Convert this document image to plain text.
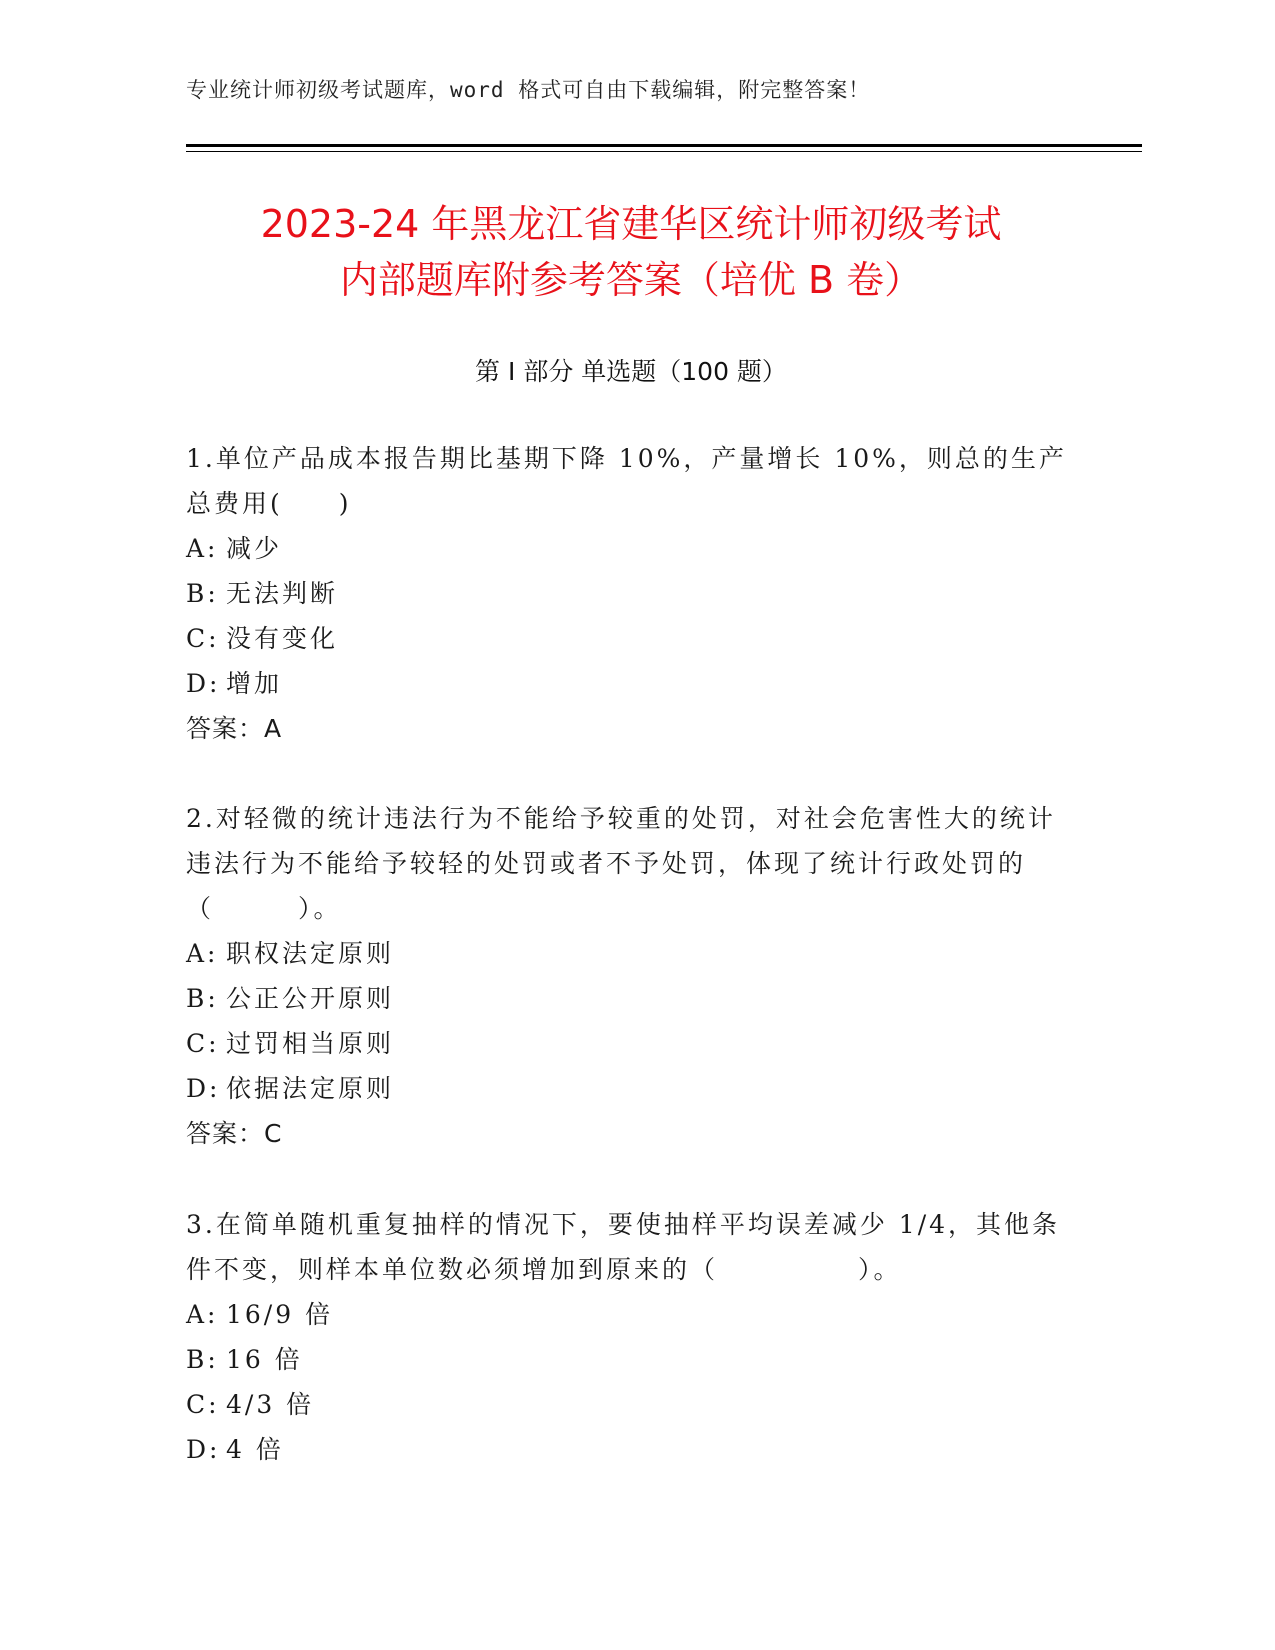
专业统计师初级考试题库，word 格式可自由下载编辑，附完整答案！
2023-24 年黑龙江省建华区统计师初级考试
内部题库附参考答案（培优 B 卷）
第 I 部分 单选题（100 题）

1.单位产品成本报告期比基期下降 10%，产量增长 10%，则总的生产总费用(　　)

A: 减少

B: 无法判断

C: 没有变化

D: 增加

答案：A

2.对轻微的统计违法行为不能给予较重的处罚，对社会危害性大的统计违法行为不能给予较轻的处罚或者不予处罚，体现了统计行政处罚的（　　　）。

A: 职权法定原则

B: 公正公开原则

C: 过罚相当原则

D: 依据法定原则

答案：C

3.在简单随机重复抽样的情况下，要使抽样平均误差减少 1/4，其他条件不变，则样本单位数必须增加到原来的（　　　　　）。

A: 16/9 倍

B: 16 倍

C: 4/3 倍

D: 4 倍
